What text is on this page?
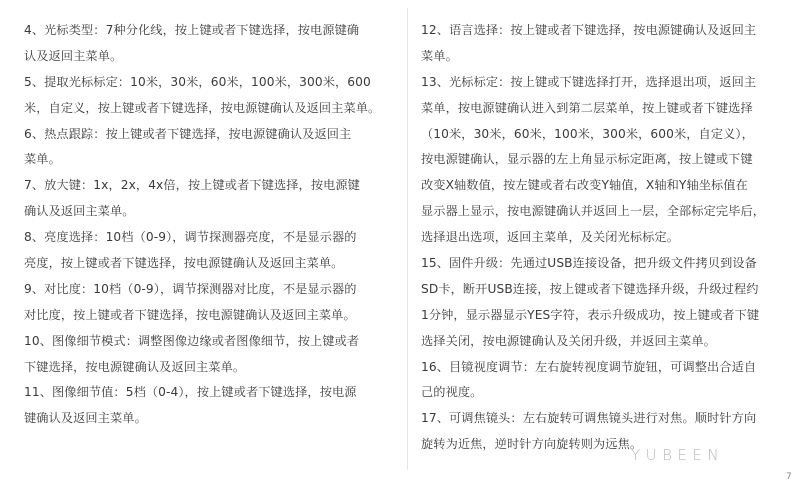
4、光标类型：7种分化线，按上键或者下键选择，按电源键确
认及返回主菜单。
5、提取光标标定：10米，30米，60米，100米，300米，600
米，自定义，按上键或者下键选择，按电源键确认及返回主菜单。
6、热点跟踪：按上键或者下键选择，按电源键确认及返回主
菜单。
7、放大键：1x，2x，4x倍，按上键或者下键选择，按电源键
确认及返回主菜单。
8、亮度选择：10档（0-9），调节探测器亮度，不是显示器的
亮度，按上键或者下键选择，按电源键确认及返回主菜单。
9、对比度：10档（0-9），调节探测器对比度，不是显示器的
对比度，按上键或者下键选择，按电源键确认及返回主菜单。
10、图像细节模式：调整图像边缘或者图像细节，按上键或者
下键选择，按电源键确认及返回主菜单。
11、图像细节值：5档（0-4），按上键或者下键选择，按电源
键确认及返回主菜单。
12、语言选择：按上键或者下键选择，按电源键确认及返回主
菜单。
13、光标标定：按上键或下键选择打开，选择退出项，返回主
菜单，按电源键确认进入到第二层菜单，按上键或者下键选择
（10米，30米，60米，100米，300米，600米，自定义），
按电源键确认，显示器的左上角显示标定距离，按上键或下键
改变X轴数值，按左键或者右改变Y轴值，X轴和Y轴坐标值在
显示器上显示，按电源键确认并返回上一层，全部标定完毕后，
选择退出选项，返回主菜单，及关闭光标标定。
15、固件升级：先通过USB连接设备，把升级文件拷贝到设备
SD卡，断开USB连接，按上键或者下键选择升级，升级过程约
1分钟，显示器显示YES字符，表示升级成功，按上键或者下键
选择关闭，按电源键确认及关闭升级，并返回主菜单。
16、目镜视度调节：左右旋转视度调节旋钮，可调整出合适自
己的视度。
17、可调焦镜头：左右旋转可调焦镜头进行对焦。顺时针方向
旋转为近焦，逆时针方向旋转则为远焦。
YUBEEN
7
